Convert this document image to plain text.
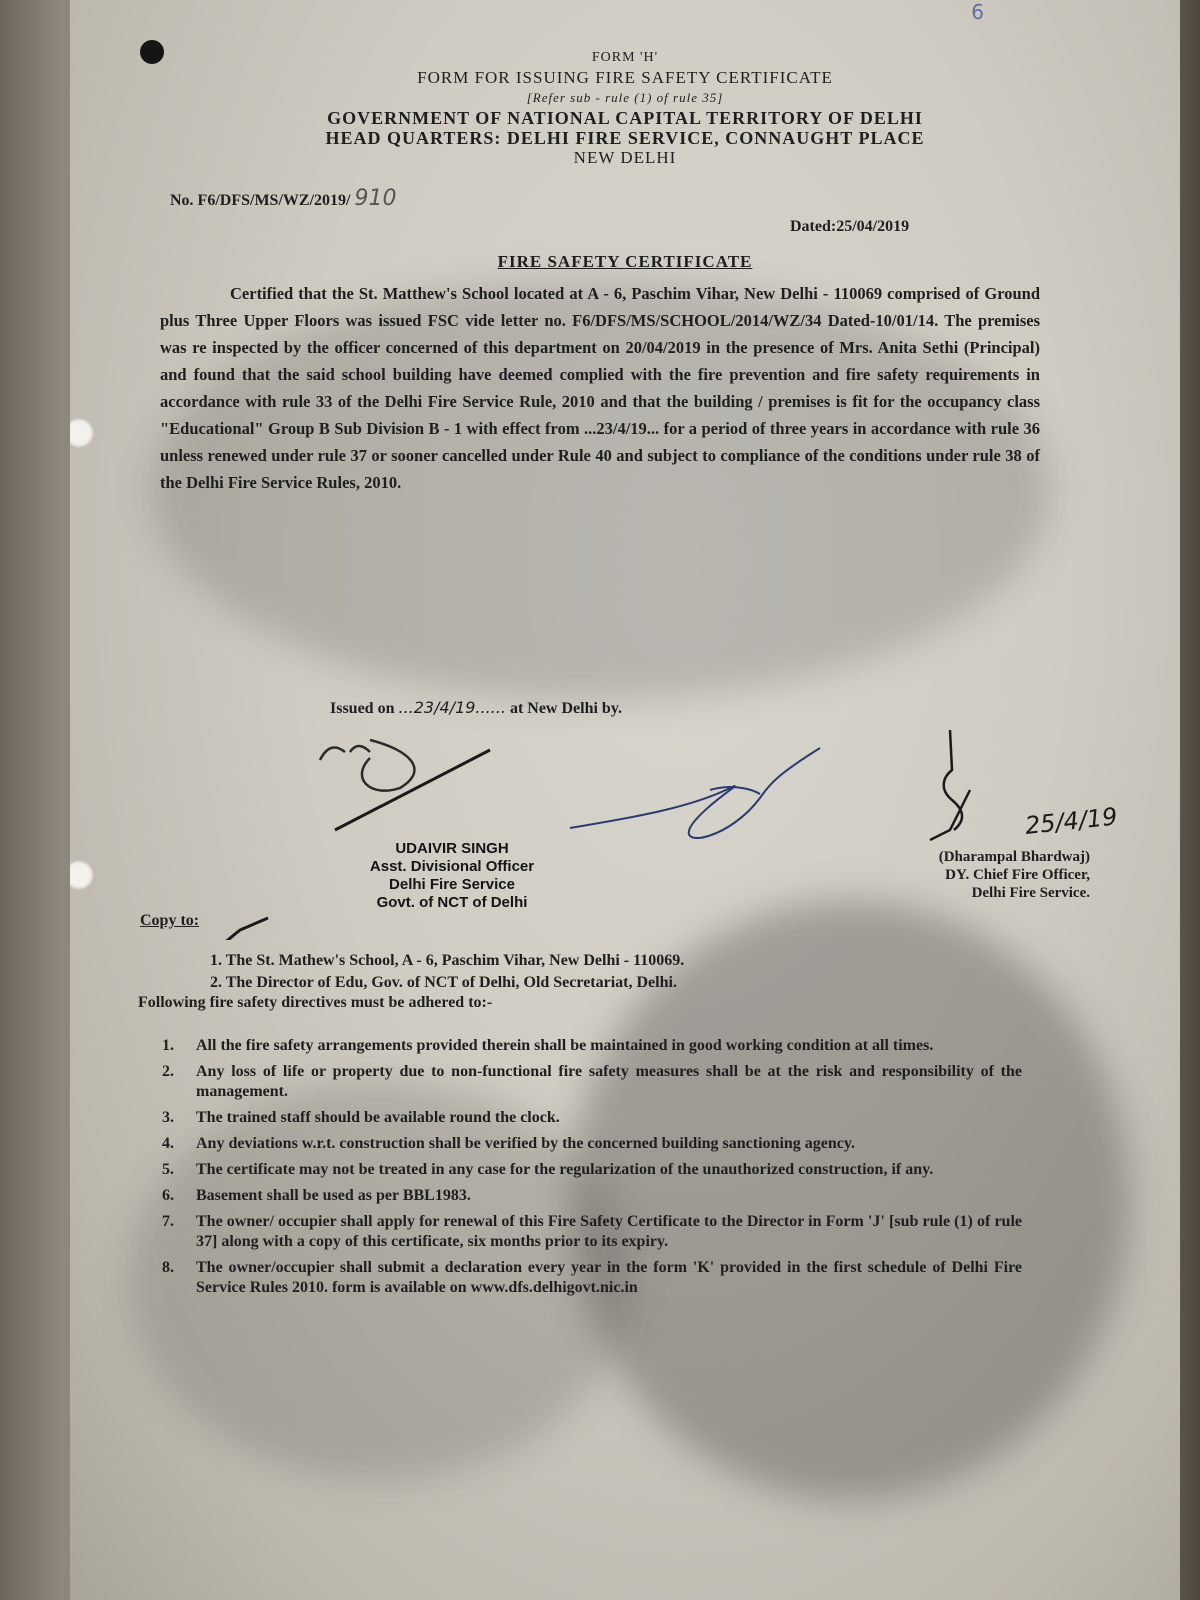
6
FORM 'H'
FORM FOR ISSUING FIRE SAFETY CERTIFICATE
[Refer sub - rule (1) of rule 35]
GOVERNMENT OF NATIONAL CAPITAL TERRITORY OF DELHI
HEAD QUARTERS: DELHI FIRE SERVICE, CONNAUGHT PLACE
NEW DELHI
No. F6/DFS/MS/WZ/2019/ 910
Dated:25/04/2019
FIRE SAFETY CERTIFICATE
Certified that the St. Matthew's School located at A - 6, Paschim Vihar, New Delhi - 110069 comprised of Ground plus Three Upper Floors was issued FSC vide letter no. F6/DFS/MS/SCHOOL/2014/WZ/34 Dated-10/01/14. The premises was re inspected by the officer concerned of this department on 20/04/2019 in the presence of Mrs. Anita Sethi (Principal) and found that the said school building have deemed complied with the fire prevention and fire safety requirements in accordance with rule 33 of the Delhi Fire Service Rule, 2010 and that the building / premises is fit for the occupancy class "Educational" Group B Sub Division B - 1 with effect from ...23/4/19... for a period of three years in accordance with rule 36 unless renewed under rule 37 or sooner cancelled under Rule 40 and subject to compliance of the conditions under rule 38 of the Delhi Fire Service Rules, 2010.
Issued on ...23/4/19...... at New Delhi by.
25/4/19
UDAIVIR SINGH
Asst. Divisional Officer
Delhi Fire Service
Govt. of NCT of Delhi
(Dharampal Bhardwaj)
DY. Chief Fire Officer,
Delhi Fire Service.
Copy to:
1. The St. Mathew's School, A - 6, Paschim Vihar, New Delhi - 110069.
2. The Director of Edu, Gov. of NCT of Delhi, Old Secretariat, Delhi.
Following fire safety directives must be adhered to:-
1.	All the fire safety arrangements provided therein shall be maintained in good working condition at all times.
2.	Any loss of life or property due to non-functional fire safety measures shall be at the risk and responsibility of the management.
3.	The trained staff should be available round the clock.
4.	Any deviations w.r.t. construction shall be verified by the concerned building sanctioning agency.
5.	The certificate may not be treated in any case for the regularization of the unauthorized construction, if any.
6.	Basement shall be used as per BBL1983.
7.	The owner/ occupier shall apply for renewal of this Fire Safety Certificate to the Director in Form 'J' [sub rule (1) of rule 37] along with a copy of this certificate, six months prior to its expiry.
8.	The owner/occupier shall submit a declaration every year in the form 'K' provided in the first schedule of Delhi Fire Service Rules 2010. form is available on www.dfs.delhigovt.nic.in
